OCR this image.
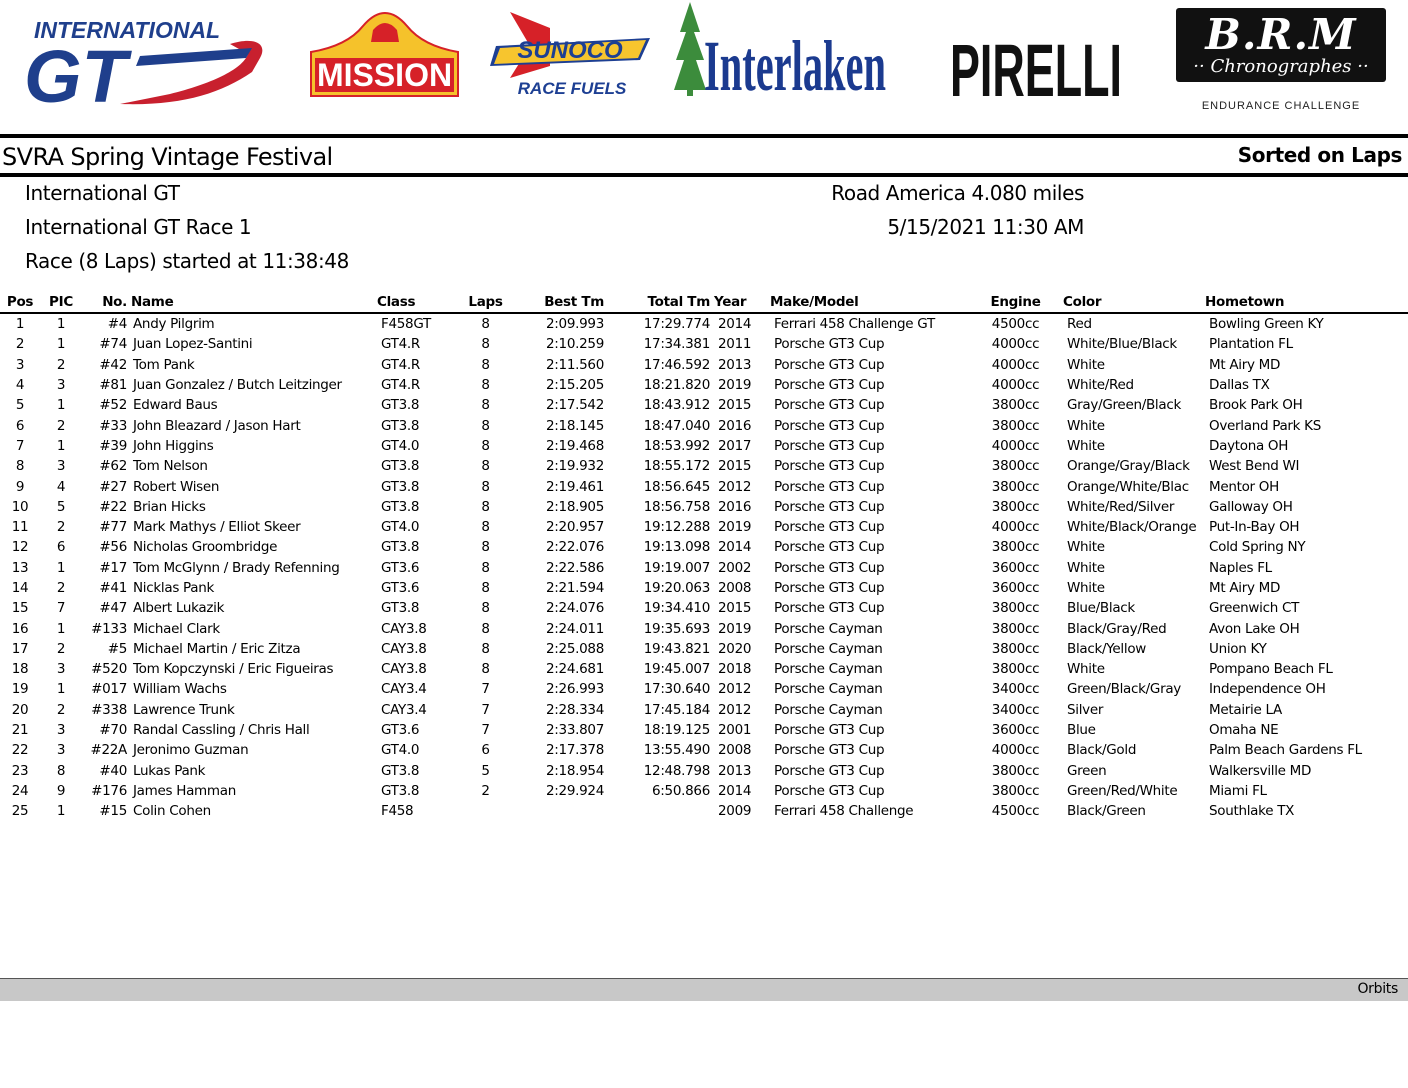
INTERNATIONAL
GT	MISSION
SUNOCO
RACE FUELS Interlaken PIRELLI	B.R.M
·· Chronographes ··
ENDURANCE CHALLENGE
SVRA Spring Vintage Festival	Sorted on Laps
International GT
International GT Race 1
Race (8 Laps) started at 11:38:48
Road America 4.080 miles
5/15/2021 11:30 AM
Pos	PIC	No.	Name	Class	Laps	Best Tm	Total Tm	Year	Make/Model	Engine	Color	Hometown
1	1	#4	Andy Pilgrim	F458GT	8	2:09.993	17:29.774	2014	Ferrari 458 Challenge GT	4500cc	Red	Bowling Green KY
2	1	#74	Juan Lopez-Santini	GT4.R	8	2:10.259	17:34.381	2011	Porsche GT3 Cup	4000cc	White/Blue/Black	Plantation FL
3	2	#42	Tom Pank	GT4.R	8	2:11.560	17:46.592	2013	Porsche GT3 Cup	4000cc	White	Mt Airy MD
4	3	#81	Juan Gonzalez / Butch Leitzinger	GT4.R	8	2:15.205	18:21.820	2019	Porsche GT3 Cup	4000cc	White/Red	Dallas TX
5	1	#52	Edward Baus	GT3.8	8	2:17.542	18:43.912	2015	Porsche GT3 Cup	3800cc	Gray/Green/Black	Brook Park OH
6	2	#33	John Bleazard / Jason Hart	GT3.8	8	2:18.145	18:47.040	2016	Porsche GT3 Cup	3800cc	White	Overland Park KS
7	1	#39	John Higgins	GT4.0	8	2:19.468	18:53.992	2017	Porsche GT3 Cup	4000cc	White	Daytona OH
8	3	#62	Tom Nelson	GT3.8	8	2:19.932	18:55.172	2015	Porsche GT3 Cup	3800cc	Orange/Gray/Black	West Bend WI
9	4	#27	Robert Wisen	GT3.8	8	2:19.461	18:56.645	2012	Porsche GT3 Cup	3800cc	Orange/White/Blac	Mentor OH
10	5	#22	Brian Hicks	GT3.8	8	2:18.905	18:56.758	2016	Porsche GT3 Cup	3800cc	White/Red/Silver	Galloway OH
11	2	#77	Mark Mathys / Elliot Skeer	GT4.0	8	2:20.957	19:12.288	2019	Porsche GT3 Cup	4000cc	White/Black/Orange	Put-In-Bay OH
12	6	#56	Nicholas Groombridge	GT3.8	8	2:22.076	19:13.098	2014	Porsche GT3 Cup	3800cc	White	Cold Spring NY
13	1	#17	Tom McGlynn / Brady Refenning	GT3.6	8	2:22.586	19:19.007	2002	Porsche GT3 Cup	3600cc	White	Naples FL
14	2	#41	Nicklas Pank	GT3.6	8	2:21.594	19:20.063	2008	Porsche GT3 Cup	3600cc	White	Mt Airy MD
15	7	#47	Albert Lukazik	GT3.8	8	2:24.076	19:34.410	2015	Porsche GT3 Cup	3800cc	Blue/Black	Greenwich CT
16	1	#133	Michael Clark	CAY3.8	8	2:24.011	19:35.693	2019	Porsche Cayman	3800cc	Black/Gray/Red	Avon Lake OH
17	2	#5	Michael Martin / Eric Zitza	CAY3.8	8	2:25.088	19:43.821	2020	Porsche Cayman	3800cc	Black/Yellow	Union KY
18	3	#520	Tom Kopczynski / Eric Figueiras	CAY3.8	8	2:24.681	19:45.007	2018	Porsche Cayman	3800cc	White	Pompano Beach FL
19	1	#017	William Wachs	CAY3.4	7	2:26.993	17:30.640	2012	Porsche Cayman	3400cc	Green/Black/Gray	Independence OH
20	2	#338	Lawrence Trunk	CAY3.4	7	2:28.334	17:45.184	2012	Porsche Cayman	3400cc	Silver	Metairie LA
21	3	#70	Randal Cassling / Chris Hall	GT3.6	7	2:33.807	18:19.125	2001	Porsche GT3 Cup	3600cc	Blue	Omaha NE
22	3	#22A	Jeronimo Guzman	GT4.0	6	2:17.378	13:55.490	2008	Porsche GT3 Cup	4000cc	Black/Gold	Palm Beach Gardens FL
23	8	#40	Lukas Pank	GT3.8	5	2:18.954	12:48.798	2013	Porsche GT3 Cup	3800cc	Green	Walkersville MD
24	9	#176	James Hamman	GT3.8	2	2:29.924	6:50.866	2014	Porsche GT3 Cup	3800cc	Green/Red/White	Miami FL
25	1	#15	Colin Cohen	F458				2009	Ferrari 458 Challenge	4500cc	Black/Green	Southlake TX
Orbits
